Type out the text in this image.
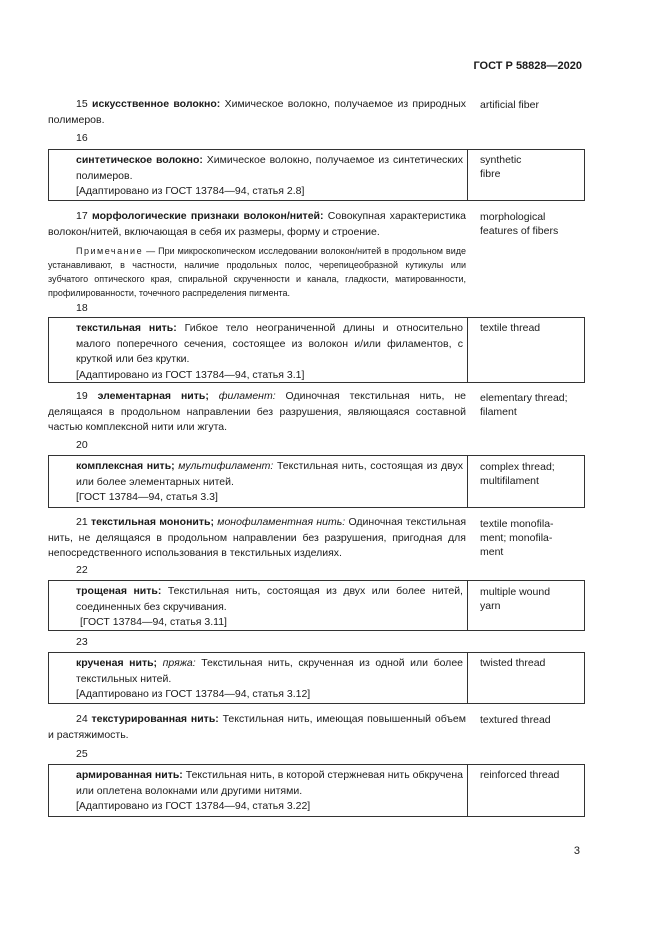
ГОСТ Р 58828—2020

15 искусственное волокно: Химическое волокно, получаемое из природных полимеров.

artificial fiber
16
синтетическое волокно: Химическое волокно, получаемое из синтетических полимеров.
[Адаптировано из ГОСТ 13784—94, статья 2.8]
synthetic
fibre

17 морфологические признаки волокон/нитей: Совокупная характеристика волокон/нитей, включающая в себя их размеры, форму и строение.

morphological
features of fibers

Примечание — При микроскопическом исследовании волокон/нитей в продольном виде устанавливают, в частности, наличие продольных полос, черепицеобразной кутикулы или зубчатого оптического края, спиральной скрученности и канала, гладкости, матированности, профилированности, точечного распределения пигмента.

18
текстильная нить: Гибкое тело неограниченной длины и относительно малого поперечного сечения, состоящее из волокон и/или филаментов, с круткой или без крутки.
[Адаптировано из ГОСТ 13784—94, статья 3.1]
textile thread

19 элементарная нить; филамент: Одиночная текстильная нить, не делящаяся в продольном направлении без разрушения, являющаяся составной частью комплексной нити или жгута.

elementary thread;
filament
20
комплексная нить; мультифиламент: Текстильная нить, состоящая из двух или более элементарных нитей.
[ГОСТ 13784—94, статья 3.3]
complex thread;
multifilament

21 текстильная мононить; монофиламентная нить: Одиночная текстильная нить, не делящаяся в продольном направлении без разрушения, пригодная для непосредственного использования в текстильных изделиях.

textile monofila-
ment; monofila-
ment
22
трощеная нить: Текстильная нить, состоящая из двух или более нитей, соединенных без скручивания.
[ГОСТ 13784—94, статья 3.11]
multiple wound
yarn
23
крученая нить; пряжа: Текстильная нить, скрученная из одной или более текстильных нитей.
[Адаптировано из ГОСТ 13784—94, статья 3.12]
twisted thread

24 текстурированная нить: Текстильная нить, имеющая повышенный объем и растяжимость.

textured thread
25
армированная нить: Текстильная нить, в которой стержневая нить обкручена или оплетена волокнами или другими нитями.
[Адаптировано из ГОСТ 13784—94, статья 3.22]
reinforced thread
3
